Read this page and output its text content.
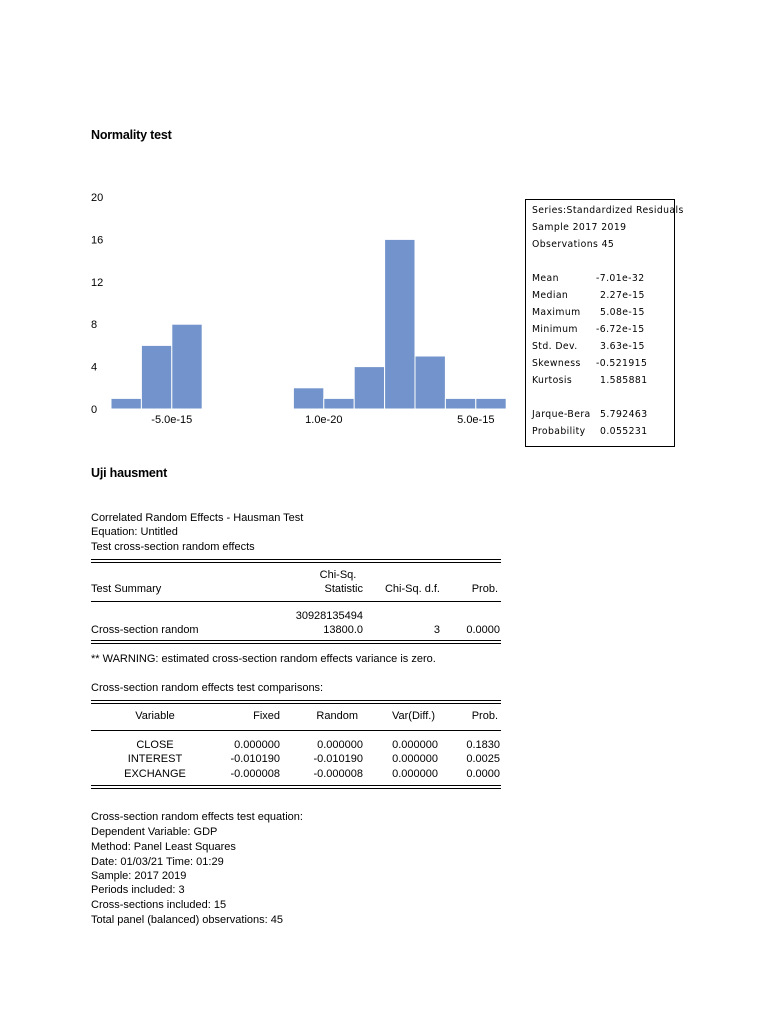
Normality test
20
16
12
8
4
0
-5.0e-15	1.0e-20	5.0e-15
Series:Standardized Residuals
Sample 2017 2019
Observations 45
Mean	-7.01e-32
Median	2.27e-15
Maximum 5.08e-15
Minimum -6.72e-15
Std. Dev. 3.63e-15
Skewness -0.521915
Kurtosis	1.585881
Jarque-Bera 5.792463
Probability 0.055231
Uji hausment
Correlated Random Effects - Hausman Test
Equation: Untitled
Test cross-section random effects
Chi-Sq.
Test Summary	Statistic	Chi-Sq. d.f.	Prob.
30928135494
Cross-section random	13800.0	3	0.0000
** WARNING: estimated cross-section random effects variance is zero.
Cross-section random effects test comparisons:
Variable	Fixed	Random	Var(Diff.)	Prob.
CLOSE	0.000000	0.000000	0.000000	0.1830
INTEREST	-0.010190	-0.010190	0.000000	0.0025
EXCHANGE	-0.000008	-0.000008	0.000000	0.0000
Cross-section random effects test equation:
Dependent Variable: GDP
Method: Panel Least Squares
Date: 01/03/21 Time: 01:29
Sample: 2017 2019
Periods included: 3
Cross-sections included: 15
Total panel (balanced) observations: 45
